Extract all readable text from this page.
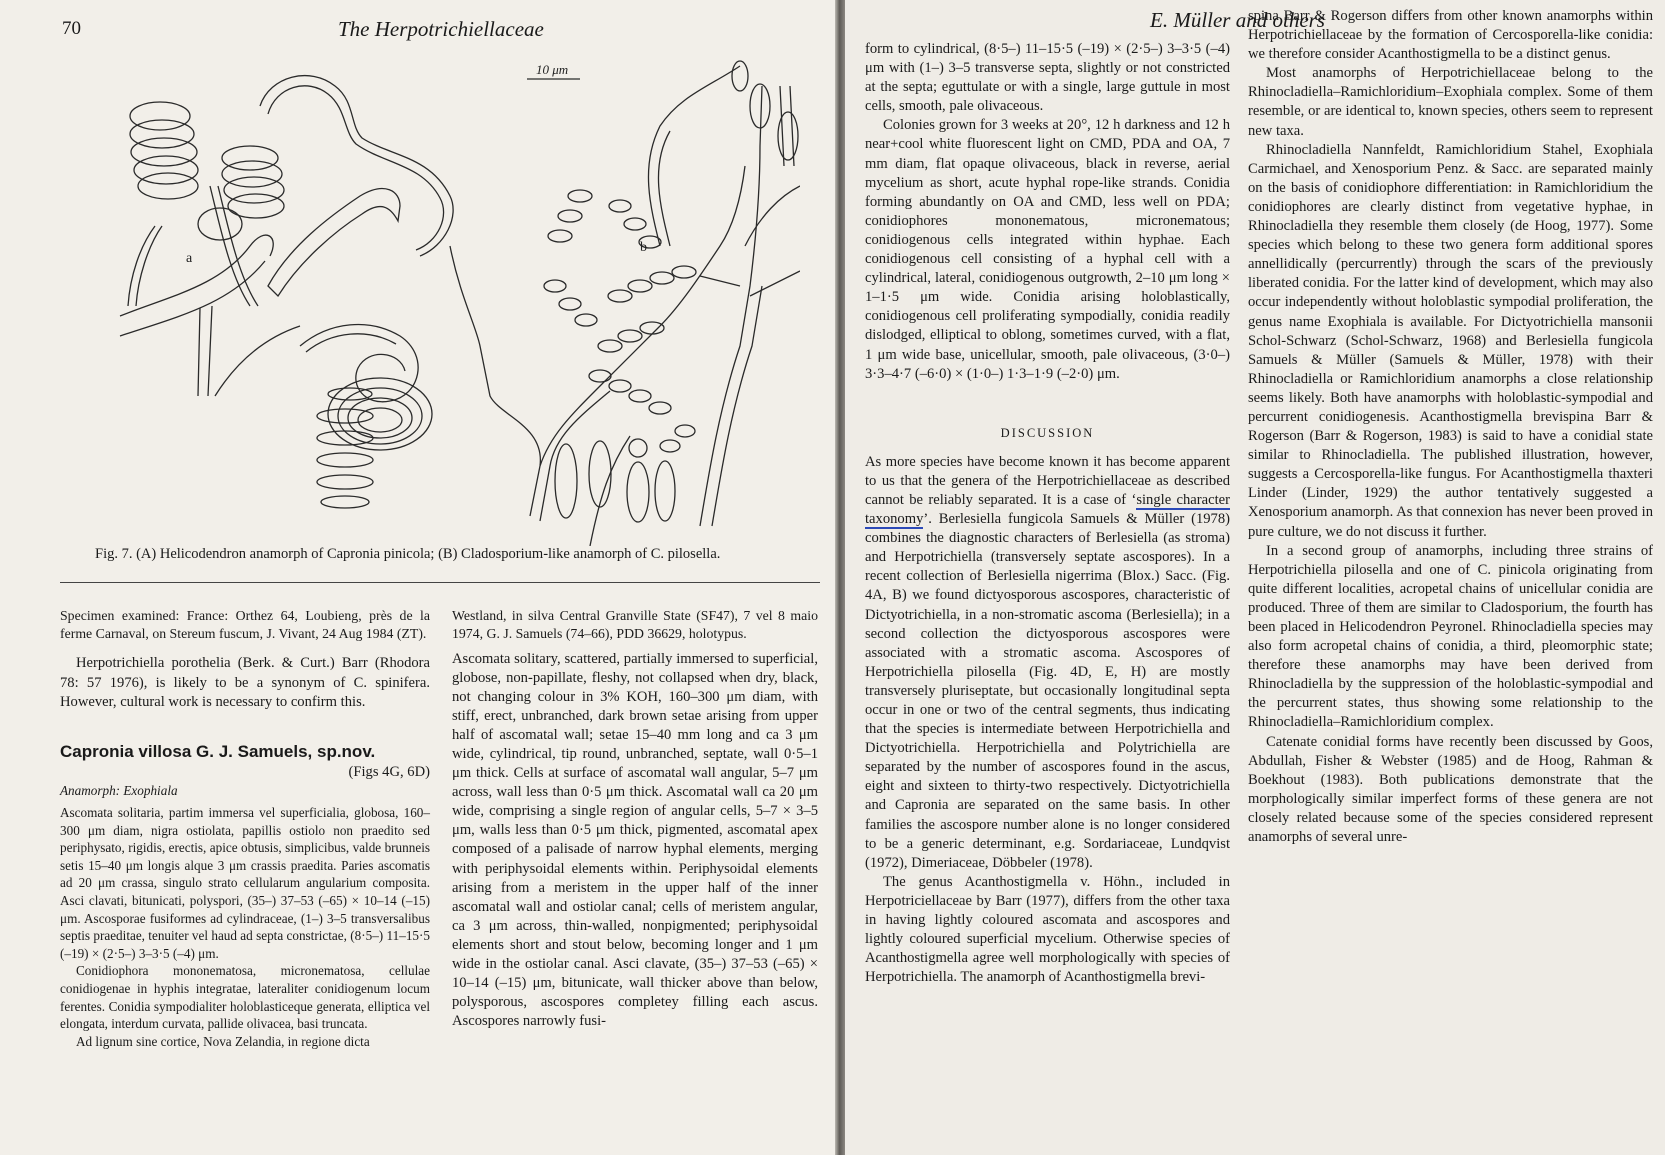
70	The Herpotrichiellaceae
10 μm
a
b
Fig. 7. (A) Helicodendron anamorph of Capronia pinicola; (B) Cladosporium-like anamorph of C. pilosella.

Specimen examined: France: Orthez 64, Loubieng, près de la ferme Carnaval, on Stereum fuscum, J. Vivant, 24 Aug 1984 (ZT).

Herpotrichiella porothelia (Berk. & Curt.) Barr (Rhodora 78: 57 1976), is likely to be a synonym of C. spinifera. However, cultural work is necessary to confirm this.

Capronia villosa G. J. Samuels, sp.nov.
(Figs 4G, 6D)

Anamorph: Exophiala

Ascomata solitaria, partim immersa vel superficialia, globosa, 160–300 μm diam, nigra ostiolata, papillis ostiolo non praedito sed periphysato, rigidis, erectis, apice obtusis, simplicibus, valde brunneis setis 15–40 μm longis alque 3 μm crassis praedita. Paries ascomatis ad 20 μm crassa, singulo strato cellularum angularium composita. Asci clavati, bitunicati, polyspori, (35–) 37–53 (–65) × 10–14 (–15) μm. Ascosporae fusiformes ad cylindraceae, (1–) 3–5 transversalibus septis praeditae, tenuiter vel haud ad septa constrictae, (8·5–) 11–15·5 (–19) × (2·5–) 3–3·5 (–4) μm.

Conidiophora mononematosa, micronematosa, cellulae conidiogenae in hyphis integratae, lateraliter conidiogenum locum ferentes. Conidia sympodialiter holoblasticeque generata, elliptica vel elongata, interdum curvata, pallide olivacea, basi truncata.

Ad lignum sine cortice, Nova Zelandia, in regione dicta

Westland, in silva Central Granville State (SF47), 7 vel 8 maio 1974, G. J. Samuels (74–66), PDD 36629, holotypus.

Ascomata solitary, scattered, partially immersed to superficial, globose, non-papillate, fleshy, not collapsed when dry, black, not changing colour in 3% KOH, 160–300 μm diam, with stiff, erect, unbranched, dark brown setae arising from upper half of ascomatal wall; setae 15–40 mm long and ca 3 μm wide, cylindrical, tip round, unbranched, septate, wall 0·5–1 μm thick. Cells at surface of ascomatal wall angular, 5–7 μm across, wall less than 0·5 μm thick. Ascomatal wall ca 20 μm wide, comprising a single region of angular cells, 5–7 × 3–5 μm, walls less than 0·5 μm thick, pigmented, ascomatal apex composed of a palisade of narrow hyphal elements, merging with periphysoidal elements within. Periphysoidal elements arising from a meristem in the upper half of the inner ascomatal wall and ostiolar canal; cells of meristem angular, ca 3 μm across, thin-walled, nonpigmented; periphysoidal elements short and stout below, becoming longer and 1 μm wide in the ostiolar canal. Asci clavate, (35–) 37–53 (–65) × 10–14 (–15) μm, bitunicate, wall thicker above than below, polysporous, ascospores completey filling each ascus. Ascospores narrowly fusi-

E. Müller and others

form to cylindrical, (8·5–) 11–15·5 (–19) × (2·5–) 3–3·5 (–4) μm with (1–) 3–5 transverse septa, slightly or not constricted at the septa; eguttulate or with a single, large guttule in most cells, smooth, pale olivaceous.

Colonies grown for 3 weeks at 20°, 12 h darkness and 12 h near+cool white fluorescent light on CMD, PDA and OA, 7 mm diam, flat opaque olivaceous, black in reverse, aerial mycelium as short, acute hyphal rope-like strands. Conidia forming abundantly on OA and CMD, less well on PDA; conidiophores mononematous, micronematous; conidiogenous cells integrated within hyphae. Each conidiogenous cell consisting of a hyphal cell with a cylindrical, lateral, conidiogenous outgrowth, 2–10 μm long × 1–1·5 μm wide. Conidia arising holoblastically, conidiogenous cell proliferating sympodially, conidia readily dislodged, elliptical to oblong, sometimes curved, with a flat, 1 μm wide base, unicellular, smooth, pale olivaceous, (3·0–) 3·3–4·7 (–6·0) × (1·0–) 1·3–1·9 (–2·0) μm.

DISCUSSION

As more species have become known it has become apparent to us that the genera of the Herpotrichiellaceae as described cannot be reliably separated. It is a case of ‘single character taxonomy’. Berlesiella fungicola Samuels & Müller (1978) combines the diagnostic characters of Berlesiella (as stroma) and Herpotrichiella (transversely septate ascospores). In a recent collection of Berlesiella nigerrima (Blox.) Sacc. (Fig. 4A, B) we found dictyosporous ascospores, characteristic of Dictyotrichiella, in a non-stromatic ascoma (Berlesiella); in a second collection the dictyosporous ascospores were associated with a stromatic ascoma. Ascospores of Herpotrichiella pilosella (Fig. 4D, E, H) are mostly transversely pluriseptate, but occasionally longitudinal septa occur in one or two of the central segments, thus indicating that the species is intermediate between Herpotrichiella and Dictyotrichiella. Herpotrichiella and Polytrichiella are separated by the number of ascospores found in the ascus, eight and sixteen to thirty-two respectively. Dictyotrichiella and Capronia are separated on the same basis. In other families the ascospore number alone is no longer considered to be a generic determinant, e.g. Sordariaceae, Lundqvist (1972), Dimeriaceae, Döbbeler (1978).

The genus Acanthostigmella v. Höhn., included in Herpotriciellaceae by Barr (1977), differs from the other taxa in having lightly coloured ascomata and ascospores and lightly coloured superficial mycelium. Otherwise species of Acanthostigmella agree well morphologically with species of Herpotrichiella. The anamorph of Acanthostigmella brevi-

spina Barr & Rogerson differs from other known anamorphs within Herpotrichiellaceae by the formation of Cercosporella-like conidia: we therefore consider Acanthostigmella to be a distinct genus.

Most anamorphs of Herpotrichiellaceae belong to the Rhinocladiella–Ramichloridium–Exophiala complex. Some of them resemble, or are identical to, known species, others seem to represent new taxa.

Rhinocladiella Nannfeldt, Ramichloridium Stahel, Exophiala Carmichael, and Xenosporium Penz. & Sacc. are separated mainly on the basis of conidiophore differentiation: in Ramichloridium the conidiophores are clearly distinct from vegetative hyphae, in Rhinocladiella they resemble them closely (de Hoog, 1977). Some species which belong to these two genera form additional spores annellidically (percurrently) through the scars of the previously liberated conidia. For the latter kind of development, which may also occur independently without holoblastic sympodial proliferation, the genus name Exophiala is available. For Dictyotrichiella mansonii Schol-Schwarz (Schol-Schwarz, 1968) and Berlesiella fungicola Samuels & Müller (Samuels & Müller, 1978) with their Rhinocladiella or Ramichloridium anamorphs a close relationship seems likely. Both have anamorphs with holoblastic-sympodial and percurrent conidiogenesis. Acanthostigmella brevispina Barr & Rogerson (Barr & Rogerson, 1983) is said to have a conidial state similar to Rhinocladiella. The published illustration, however, suggests a Cercosporella-like fungus. For Acanthostigmella thaxteri Linder (Linder, 1929) the author tentatively suggested a Xenosporium anamorph. As that connexion has never been proved in pure culture, we do not discuss it further.

In a second group of anamorphs, including three strains of Herpotrichiella pilosella and one of C. pinicola originating from quite different localities, acropetal chains of unicellular conidia are produced. Three of them are similar to Cladosporium, the fourth has been placed in Helicodendron Peyronel. Rhinocladiella species may also form acropetal chains of conidia, a third, pleomorphic state; therefore these anamorphs may have been derived from Rhinocladiella by the suppression of the holoblastic-sympodial and the percurrent states, thus showing some relationship to the Rhinocladiella–Ramichloridium complex.

Catenate conidial forms have recently been discussed by Goos, Abdullah, Fisher & Webster (1985) and de Hoog, Rahman & Boekhout (1983). Both publications demonstrate that the morphologically similar imperfect forms of these genera are not closely related because some of the species considered represent anamorphs of several unre-
